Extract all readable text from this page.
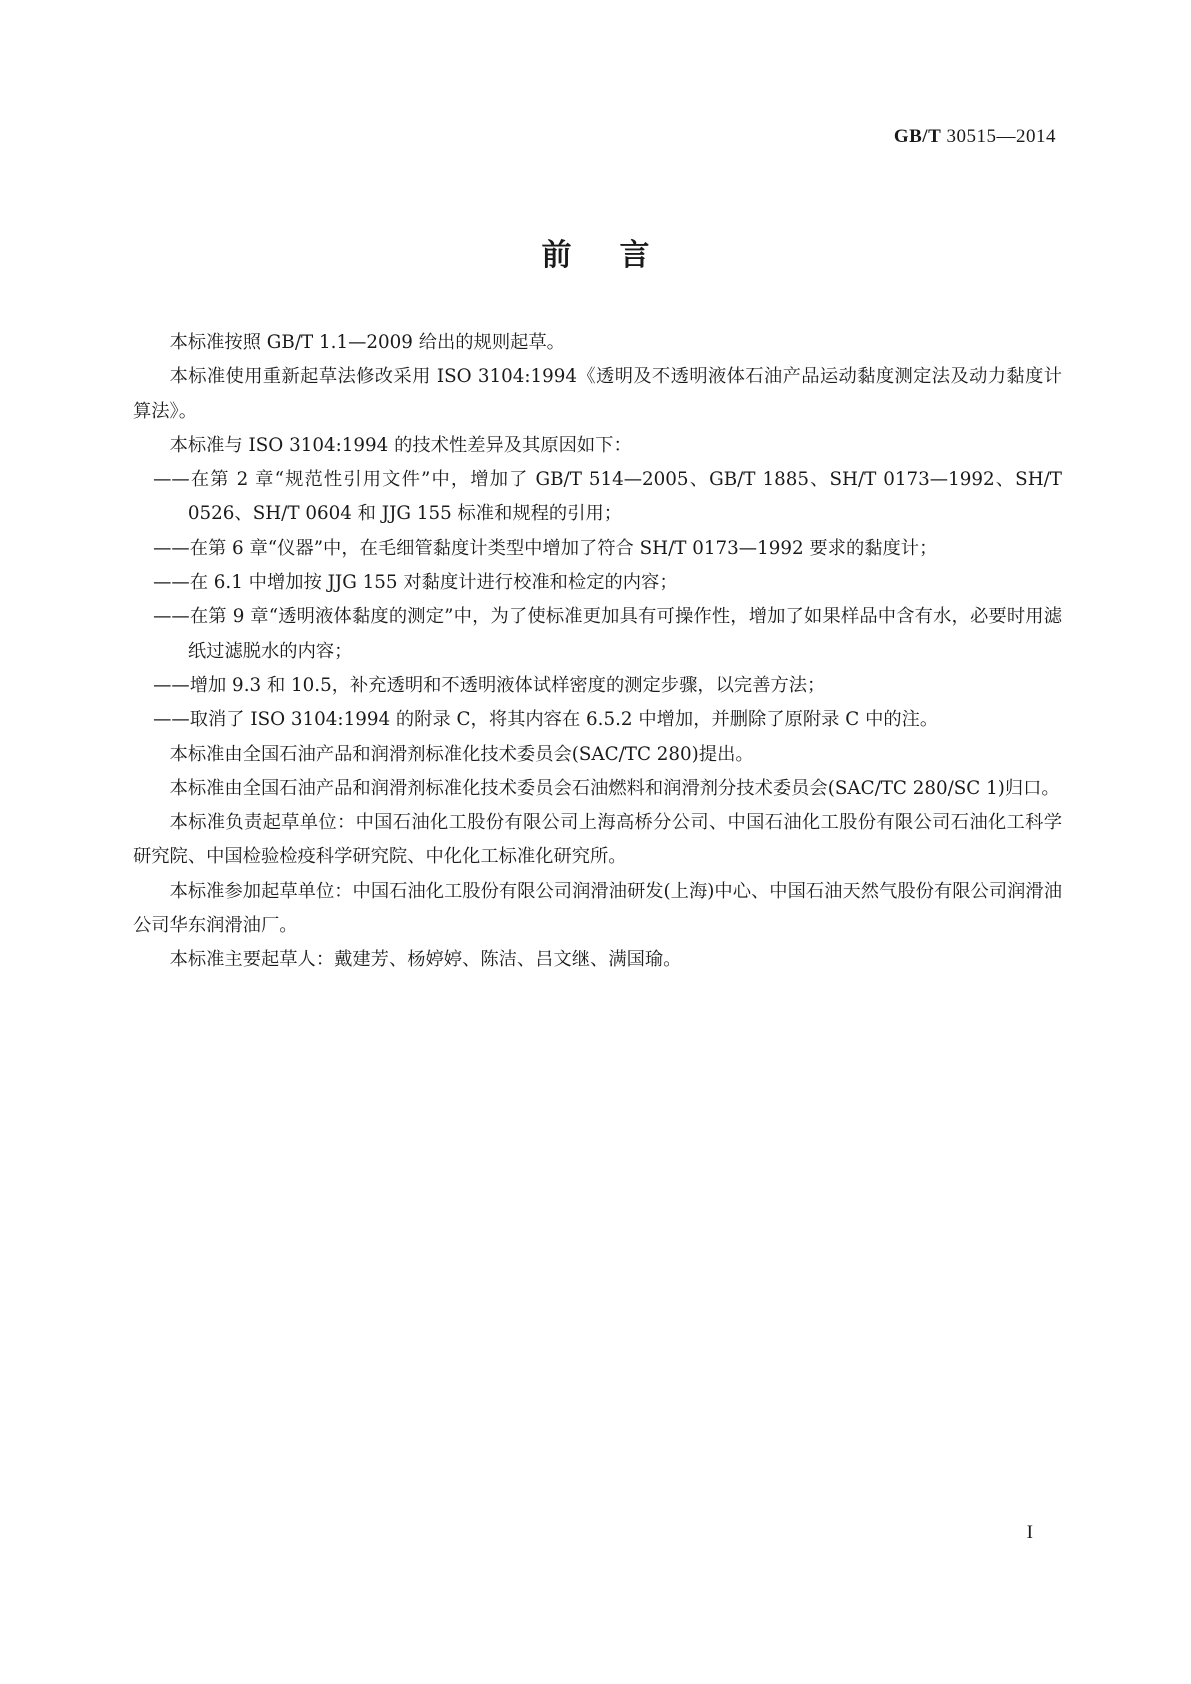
GB/T 30515—2014
前言

本标准按照 GB/T 1.1—2009 给出的规则起草。

本标准使用重新起草法修改采用 ISO 3104:1994《透明及不透明液体石油产品运动黏度测定法及动力黏度计算法》。

本标准与 ISO 3104:1994 的技术性差异及其原因如下：

——在第 2 章“规范性引用文件”中，增加了 GB/T 514—2005、GB/T 1885、SH/T 0173—1992、SH/T 0526、SH/T 0604 和 JJG 155 标准和规程的引用；

——在第 6 章“仪器”中，在毛细管黏度计类型中增加了符合 SH/T 0173—1992 要求的黏度计；

——在 6.1 中增加按 JJG 155 对黏度计进行校准和检定的内容；

——在第 9 章“透明液体黏度的测定”中，为了使标准更加具有可操作性，增加了如果样品中含有水，必要时用滤纸过滤脱水的内容；

——增加 9.3 和 10.5，补充透明和不透明液体试样密度的测定步骤，以完善方法；

——取消了 ISO 3104:1994 的附录 C，将其内容在 6.5.2 中增加，并删除了原附录 C 中的注。

本标准由全国石油产品和润滑剂标准化技术委员会(SAC/TC 280)提出。

本标准由全国石油产品和润滑剂标准化技术委员会石油燃料和润滑剂分技术委员会(SAC/TC 280/SC 1)归口。

本标准负责起草单位：中国石油化工股份有限公司上海高桥分公司、中国石油化工股份有限公司石油化工科学研究院、中国检验检疫科学研究院、中化化工标准化研究所。

本标准参加起草单位：中国石油化工股份有限公司润滑油研发(上海)中心、中国石油天然气股份有限公司润滑油公司华东润滑油厂。

本标准主要起草人：戴建芳、杨婷婷、陈洁、吕文继、满国瑜。

I
